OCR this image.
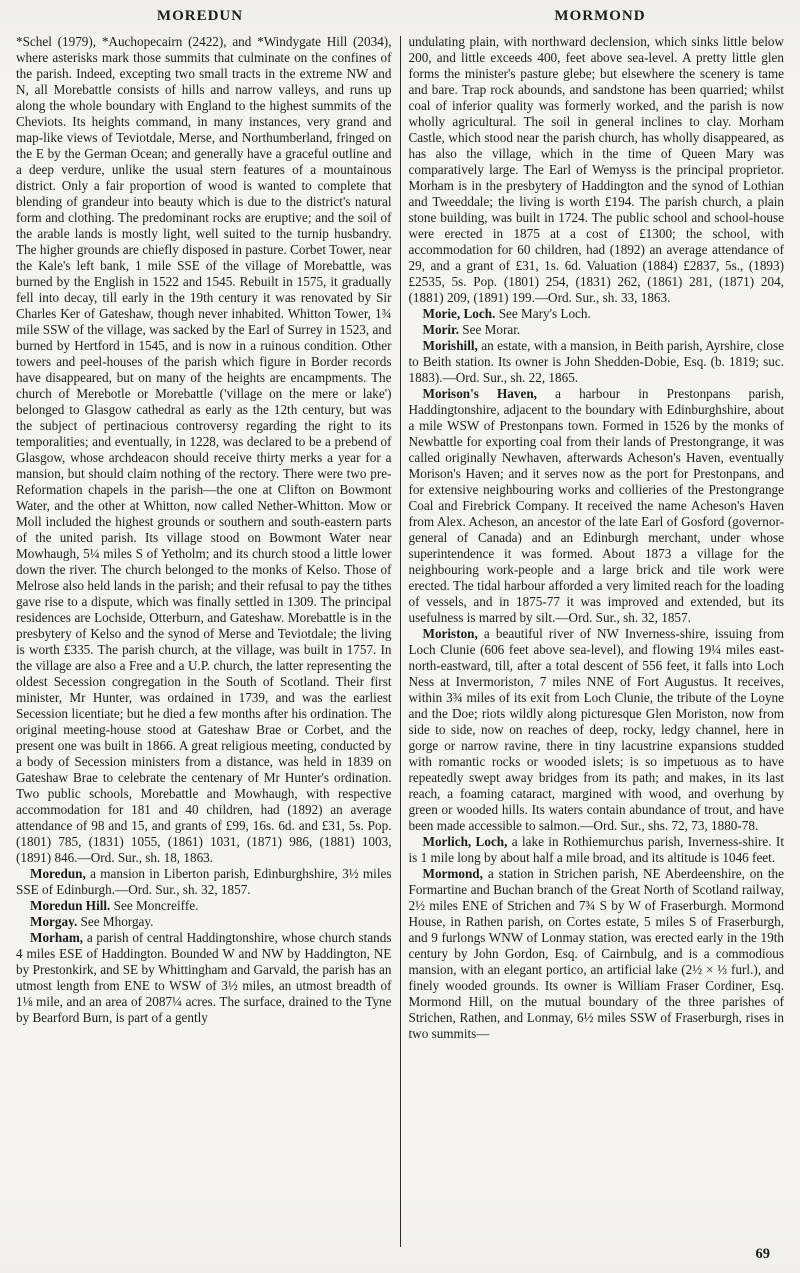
MOREDUN	MORMOND

*Schel (1979), *Auchopecairn (2422), and *Windygate Hill (2034), where asterisks mark those summits that culminate on the confines of the parish. Indeed, excepting two small tracts in the extreme NW and N, all Morebattle consists of hills and narrow valleys, and runs up along the whole boundary with England to the highest summits of the Cheviots. Its heights command, in many instances, very grand and map-like views of Teviotdale, Merse, and Northumberland, fringed on the E by the German Ocean; and generally have a graceful outline and a deep verdure, unlike the usual stern features of a mountainous district. Only a fair proportion of wood is wanted to complete that blending of grandeur into beauty which is due to the district's natural form and clothing. The predominant rocks are eruptive; and the soil of the arable lands is mostly light, well suited to the turnip husbandry. The higher grounds are chiefly disposed in pasture. Corbet Tower, near the Kale's left bank, 1 mile SSE of the village of Morebattle, was burned by the English in 1522 and 1545. Rebuilt in 1575, it gradually fell into decay, till early in the 19th century it was renovated by Sir Charles Ker of Gateshaw, though never inhabited. Whitton Tower, 1¾ mile SSW of the village, was sacked by the Earl of Surrey in 1523, and burned by Hertford in 1545, and is now in a ruinous condition. Other towers and peel-houses of the parish which figure in Border records have disappeared, but on many of the heights are encampments. The church of Merebotle or Morebattle ('village on the mere or lake') belonged to Glasgow cathedral as early as the 12th century, but was the subject of pertinacious controversy regarding the right to its temporalities; and eventually, in 1228, was declared to be a prebend of Glasgow, whose archdeacon should receive thirty merks a year for a mansion, but should claim nothing of the rectory. There were two pre-Reformation chapels in the parish—the one at Clifton on Bowmont Water, and the other at Whitton, now called Nether-Whitton. Mow or Moll included the highest grounds or southern and south-eastern parts of the united parish. Its village stood on Bowmont Water near Mowhaugh, 5¼ miles S of Yetholm; and its church stood a little lower down the river. The church belonged to the monks of Kelso. Those of Melrose also held lands in the parish; and their refusal to pay the tithes gave rise to a dispute, which was finally settled in 1309. The principal residences are Lochside, Otterburn, and Gateshaw. Morebattle is in the presbytery of Kelso and the synod of Merse and Teviotdale; the living is worth £335. The parish church, at the village, was built in 1757. In the village are also a Free and a U.P. church, the latter representing the oldest Secession congregation in the South of Scotland. Their first minister, Mr Hunter, was ordained in 1739, and was the earliest Secession licentiate; but he died a few months after his ordination. The original meeting-house stood at Gateshaw Brae or Corbet, and the present one was built in 1866. A great religious meeting, conducted by a body of Secession ministers from a distance, was held in 1839 on Gateshaw Brae to celebrate the centenary of Mr Hunter's ordination. Two public schools, Morebattle and Mowhaugh, with respective accommodation for 181 and 40 children, had (1892) an average attendance of 98 and 15, and grants of £99, 16s. 6d. and £31, 5s. Pop. (1801) 785, (1831) 1055, (1861) 1031, (1871) 986, (1881) 1003, (1891) 846.—Ord. Sur., sh. 18, 1863.

Moredun, a mansion in Liberton parish, Edinburghshire, 3½ miles SSE of Edinburgh.—Ord. Sur., sh. 32, 1857.

Moredun Hill. See Moncreiffe.

Morgay. See Mhorgay.

Morham, a parish of central Haddingtonshire, whose church stands 4 miles ESE of Haddington. Bounded W and NW by Haddington, NE by Prestonkirk, and SE by Whittingham and Garvald, the parish has an utmost length from ENE to WSW of 3½ miles, an utmost breadth of 1⅛ mile, and an area of 2087¼ acres. The surface, drained to the Tyne by Bearford Burn, is part of a gently

undulating plain, with northward declension, which sinks little below 200, and little exceeds 400, feet above sea-level. A pretty little glen forms the minister's pasture glebe; but elsewhere the scenery is tame and bare. Trap rock abounds, and sandstone has been quarried; whilst coal of inferior quality was formerly worked, and the parish is now wholly agricultural. The soil in general inclines to clay. Morham Castle, which stood near the parish church, has wholly disappeared, as has also the village, which in the time of Queen Mary was comparatively large. The Earl of Wemyss is the principal proprietor. Morham is in the presbytery of Haddington and the synod of Lothian and Tweeddale; the living is worth £194. The parish church, a plain stone building, was built in 1724. The public school and school-house were erected in 1875 at a cost of £1300; the school, with accommodation for 60 children, had (1892) an average attendance of 29, and a grant of £31, 1s. 6d. Valuation (1884) £2837, 5s., (1893) £2535, 5s. Pop. (1801) 254, (1831) 262, (1861) 281, (1871) 204, (1881) 209, (1891) 199.—Ord. Sur., sh. 33, 1863.

Morie, Loch. See Mary's Loch.

Morir. See Morar.

Morishill, an estate, with a mansion, in Beith parish, Ayrshire, close to Beith station. Its owner is John Shedden-Dobie, Esq. (b. 1819; suc. 1883).—Ord. Sur., sh. 22, 1865.

Morison's Haven, a harbour in Prestonpans parish, Haddingtonshire, adjacent to the boundary with Edinburghshire, about a mile WSW of Prestonpans town. Formed in 1526 by the monks of Newbattle for exporting coal from their lands of Prestongrange, it was called originally Newhaven, afterwards Acheson's Haven, eventually Morison's Haven; and it serves now as the port for Prestonpans, and for extensive neighbouring works and collieries of the Prestongrange Coal and Firebrick Company. It received the name Acheson's Haven from Alex. Acheson, an ancestor of the late Earl of Gosford (governor-general of Canada) and an Edinburgh merchant, under whose superintendence it was formed. About 1873 a village for the neighbouring work-people and a large brick and tile work were erected. The tidal harbour afforded a very limited reach for the loading of vessels, and in 1875-77 it was improved and extended, but its usefulness is marred by silt.—Ord. Sur., sh. 32, 1857.

Moriston, a beautiful river of NW Inverness-shire, issuing from Loch Clunie (606 feet above sea-level), and flowing 19¼ miles east-north-eastward, till, after a total descent of 556 feet, it falls into Loch Ness at Invermoriston, 7 miles NNE of Fort Augustus. It receives, within 3¾ miles of its exit from Loch Clunie, the tribute of the Loyne and the Doe; riots wildly along picturesque Glen Moriston, now from side to side, now on reaches of deep, rocky, ledgy channel, here in gorge or narrow ravine, there in tiny lacustrine expansions studded with romantic rocks or wooded islets; is so impetuous as to have repeatedly swept away bridges from its path; and makes, in its last reach, a foaming cataract, margined with wood, and overhung by green or wooded hills. Its waters contain abundance of trout, and have been made accessible to salmon.—Ord. Sur., shs. 72, 73, 1880-78.

Morlich, Loch, a lake in Rothiemurchus parish, Inverness-shire. It is 1 mile long by about half a mile broad, and its altitude is 1046 feet.

Mormond, a station in Strichen parish, NE Aberdeenshire, on the Formartine and Buchan branch of the Great North of Scotland railway, 2½ miles ENE of Strichen and 7¾ S by W of Fraserburgh. Mormond House, in Rathen parish, on Cortes estate, 5 miles S of Fraserburgh, and 9 furlongs WNW of Lonmay station, was erected early in the 19th century by John Gordon, Esq. of Cairnbulg, and is a commodious mansion, with an elegant portico, an artificial lake (2½ × ⅓ furl.), and finely wooded grounds. Its owner is William Fraser Cordiner, Esq. Mormond Hill, on the mutual boundary of the three parishes of Strichen, Rathen, and Lonmay, 6½ miles SSW of Fraserburgh, rises in two summits—

69
